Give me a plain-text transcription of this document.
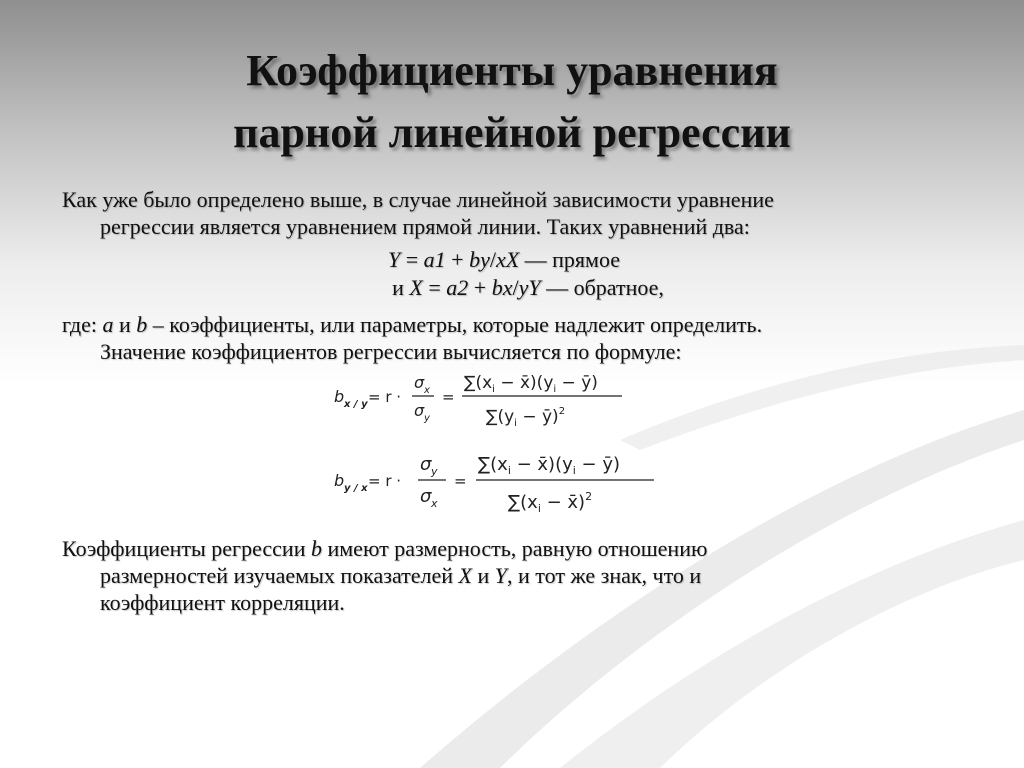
Коэффициенты уравнения
парной линейной регрессии
Как уже было определено выше, в случае линейной зависимости уравнение
регрессии является уравнением прямой линии. Таких уравнений два:
Y = a1 + by/xX — прямое
и X = a2 + bx/yY — обратное,
где: a и b – коэффициенты, или параметры, которые надлежит определить.
Значение коэффициентов регрессии вычисляется по формуле:
b x / y = r ·
σ x
σ y
=
$\sum(x_i$ − $x̄)(y_i$ − ȳ)
$\sum(y_i$ − ȳ)$^2$
b y / x = r ·
σ y
σ x
=
$\sum(x_i$ − $x̄)(y_i$ − ȳ)
$\sum(x_i$ − x̄)$^2$
Коэффициенты регрессии b имеют размерность, равную отношению
размерностей изучаемых показателей X и Y, и тот же знак, что и
коэффициент корреляции.
